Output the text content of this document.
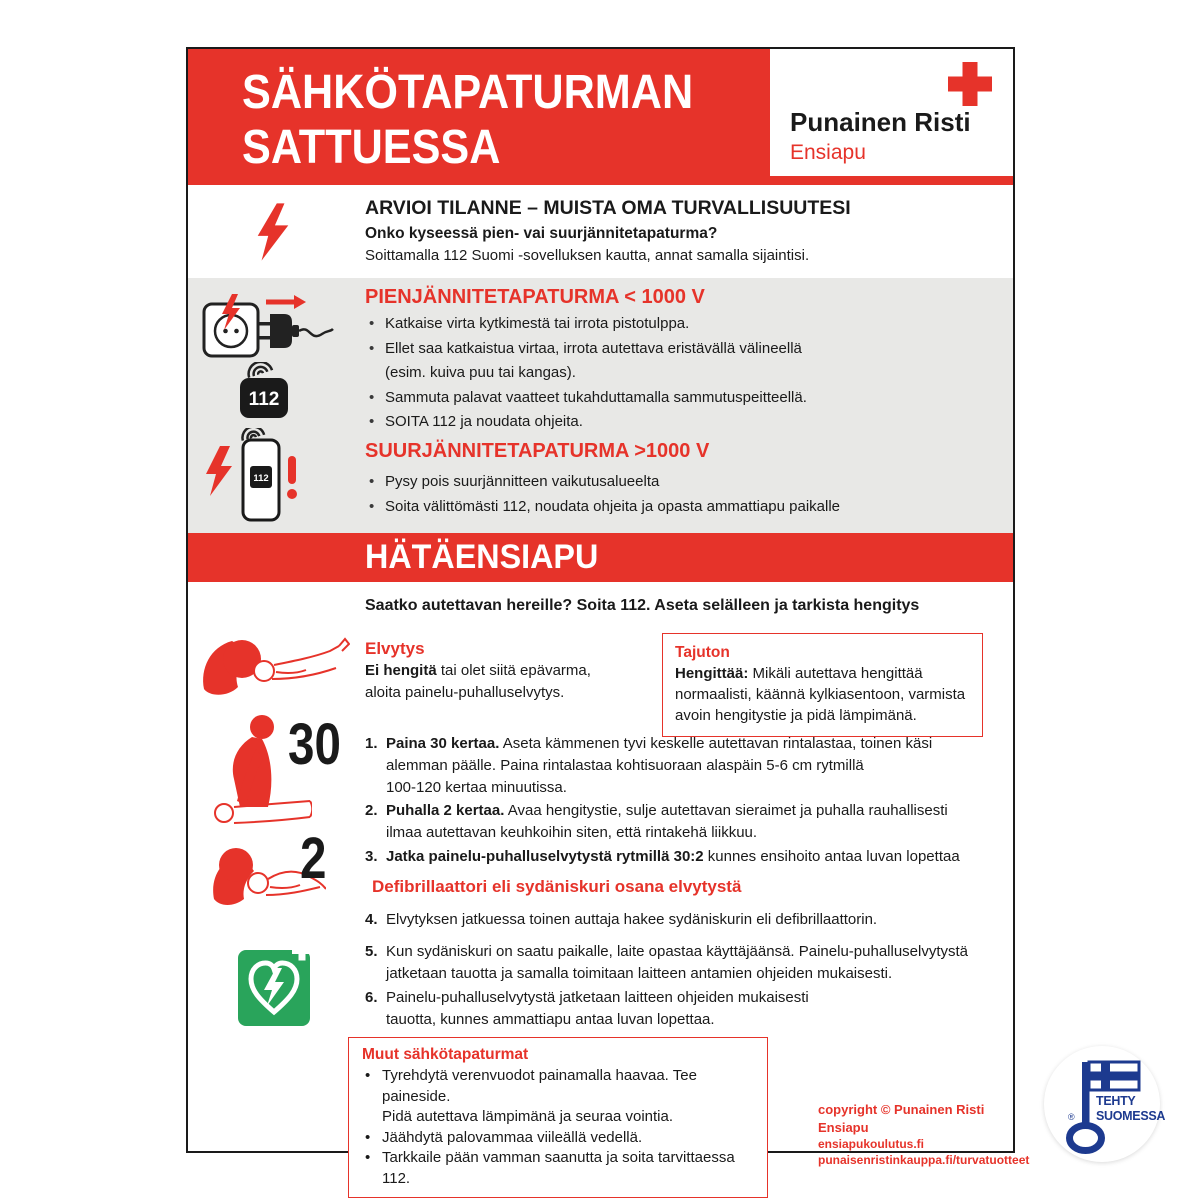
SÄHKÖTAPATURMAN
SATTUESSA	Punainen Risti
Ensiapu
ARVIOI TILANNE – MUISTA OMA TURVALLISUUTESI
Onko kyseessä pien- vai suurjännitetapaturma?
Soittamalla 112 Suomi -sovelluksen kautta, annat samalla sijaintisi.
112
PIENJÄNNITETAPATURMA < 1000 V
• Katkaise virta kytkimestä tai irrota pistotulppa.
• Ellet saa katkaistua virtaa, irrota autettava eristävällä välineellä
(esim. kuiva puu tai kangas).
• Sammuta palavat vaatteet tukahduttamalla sammutuspeitteellä.
• SOITA 112 ja noudata ohjeita.
112
SUURJÄNNITETAPATURMA >1000 V
• Pysy pois suurjännitteen vaikutusalueelta
• Soita välittömästi 112, noudata ohjeita ja opasta ammattiapu paikalle
HÄTÄENSIAPU
Saatko autettavan hereille? Soita 112. Aseta selälleen ja tarkista hengitys
Elvytys
Ei hengitä tai olet siitä epävarma,
aloita painelu-puhalluselvytys.
Tajuton
Hengittää: Mikäli autettava hengittää
normaalisti, käännä kylkiasentoon, varmista
avoin hengitystie ja pidä lämpimänä.
30 1. Paina 30 kertaa. Aseta kämmenen tyvi keskelle autettavan rintalastaa, toinen käsi
alemman päälle. Paina rintalastaa kohtisuoraan alaspäin 5-6 cm rytmillä
100-120 kertaa minuutissa.
2. Puhalla 2 kertaa. Avaa hengitystie, sulje autettavan sieraimet ja puhalla rauhallisesti
ilmaa autettavan keuhkoihin siten, että rintakehä liikkuu.
2	3. Jatka painelu-puhalluselvytystä rytmillä 30:2 kunnes ensihoito antaa luvan lopettaa
Defibrillaattori eli sydäniskuri osana elvytystä
4. Elvytyksen jatkuessa toinen auttaja hakee sydäniskurin eli defibrillaattorin.
5. Kun sydäniskuri on saatu paikalle, laite opastaa käyttäjäänsä. Painelu-puhalluselvytystä
jatketaan tauotta ja samalla toimitaan laitteen antamien ohjeiden mukaisesti.
6. Painelu-puhalluselvytystä jatketaan laitteen ohjeiden mukaisesti
tauotta, kunnes ammattiapu antaa luvan lopettaa.
Muut sähkötapaturmat
• Tyrehdytä verenvuodot painamalla haavaa. Tee paineside.
Pidä autettava lämpimänä ja seuraa vointia.
• Jäähdytä palovammaa viileällä vedellä.
• Tarkkaile pään vamman saanutta ja soita tarvittaessa 112.
copyright © Punainen Risti Ensiapu
ensiapukoulutus.fi
punaisenristinkauppa.fi/turvatuotteet
TEHTY
SUOMESSA
®
